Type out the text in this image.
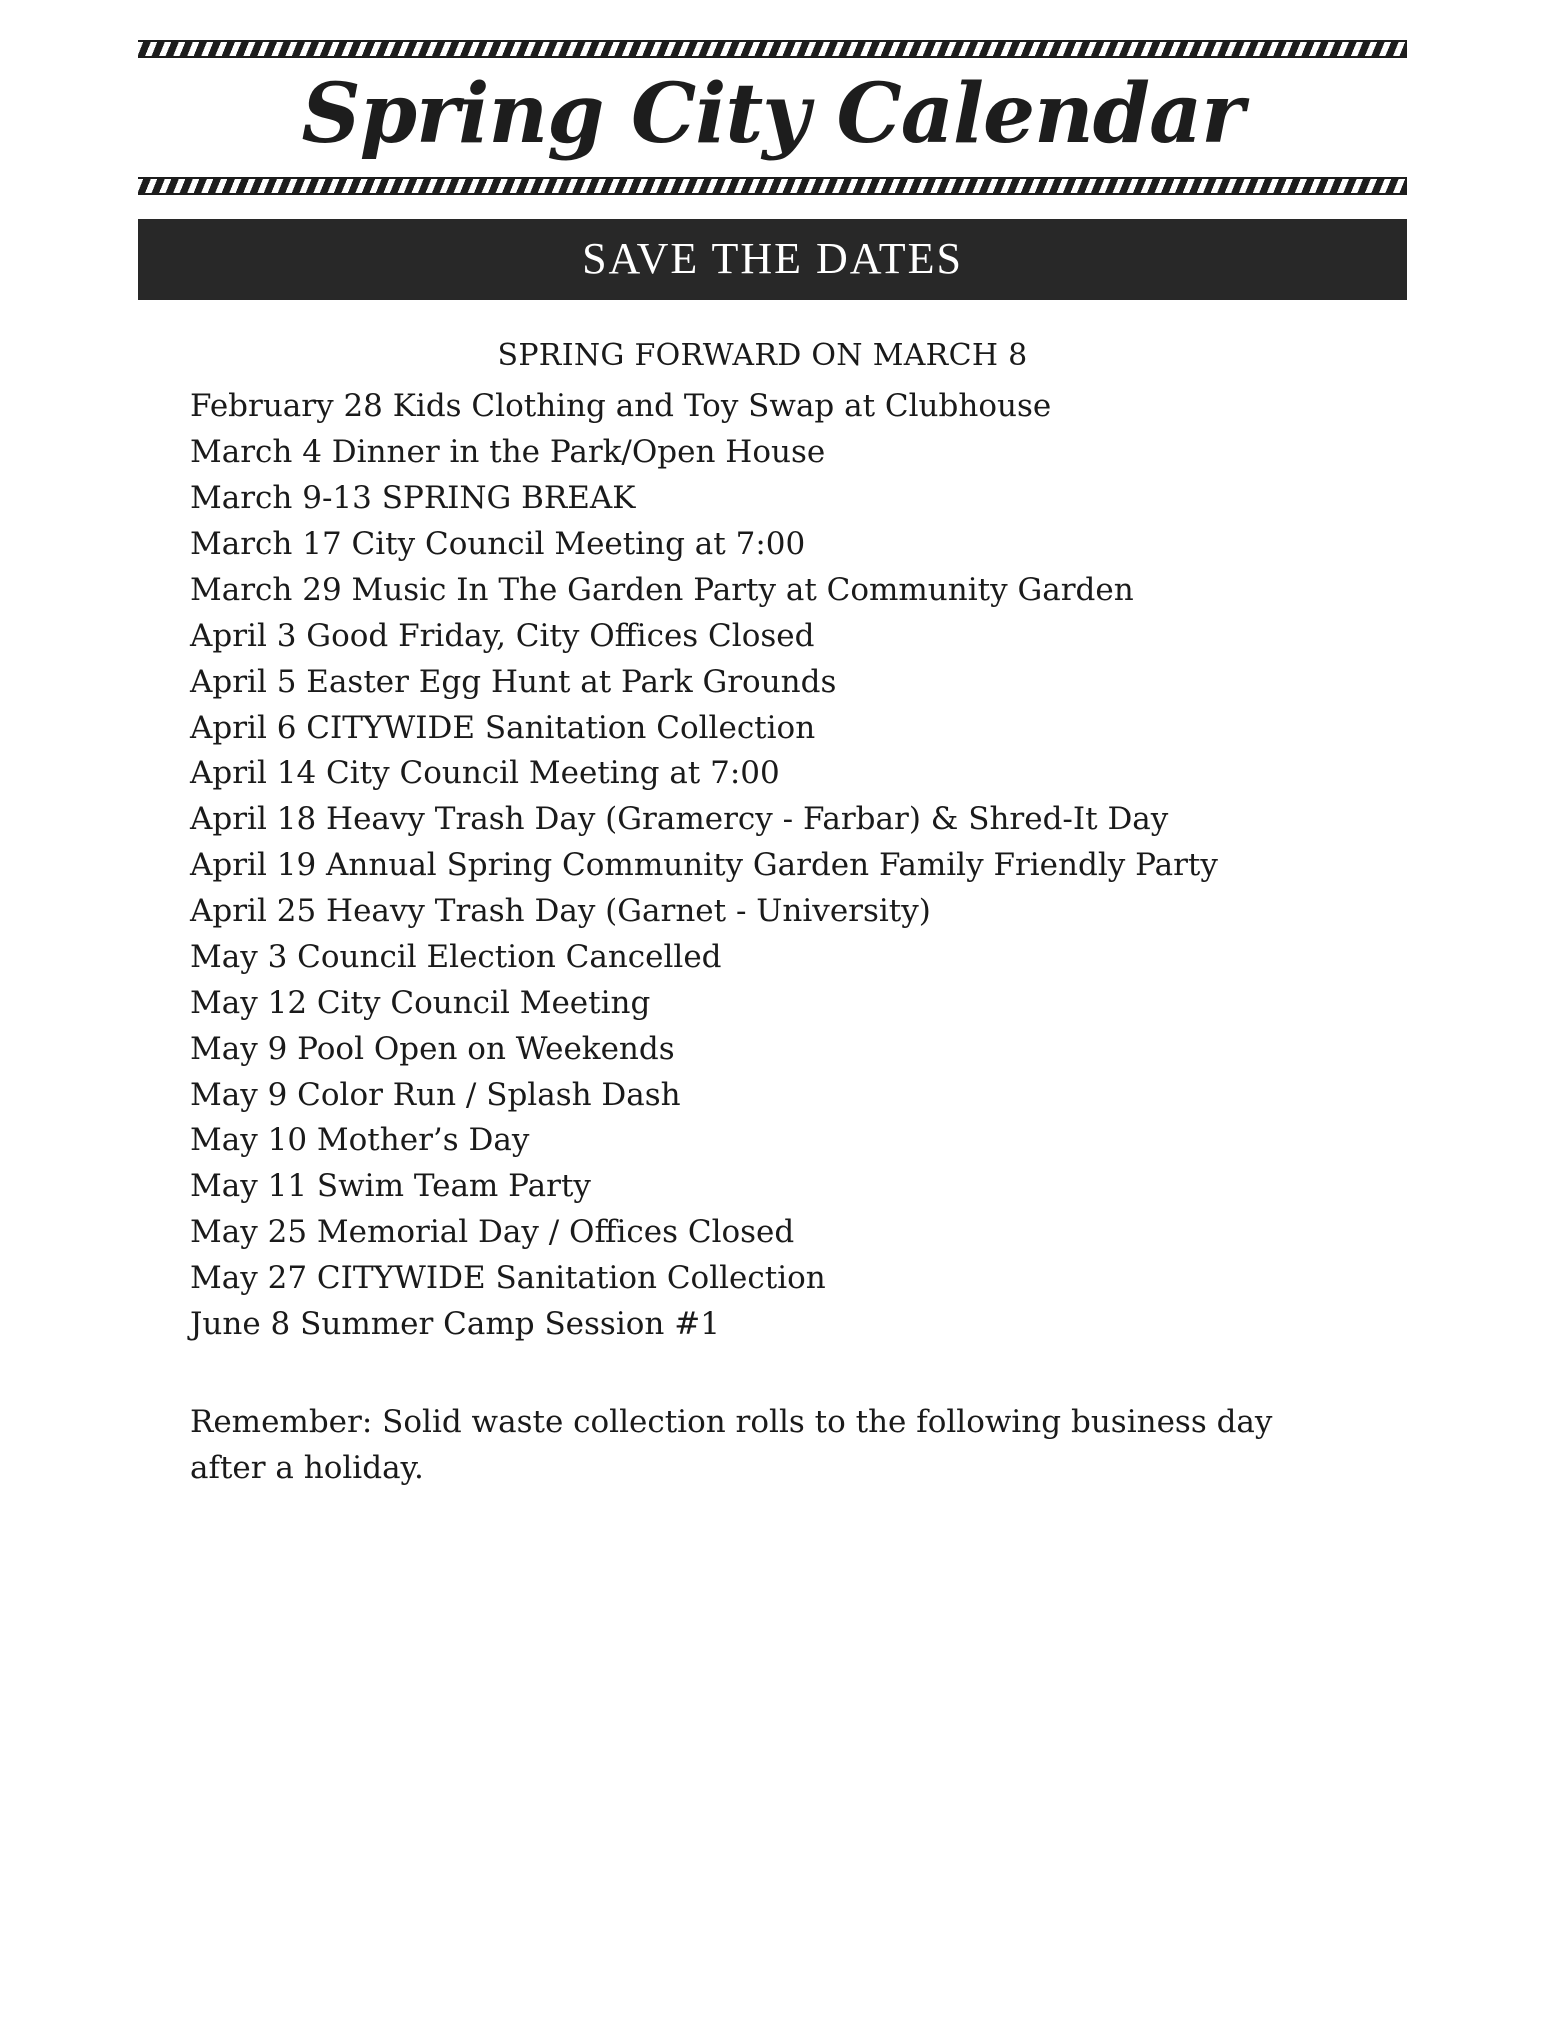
Spring City Calendar
SAVE THE DATES
SPRING FORWARD ON MARCH 8
February 28 Kids Clothing and Toy Swap at Clubhouse
March 4 Dinner in the Park/Open House
March 9-13 SPRING BREAK
March 17 City Council Meeting at 7:00
March 29 Music In The Garden Party at Community Garden
April 3 Good Friday, City Offices Closed
April 5 Easter Egg Hunt at Park Grounds
April 6 CITYWIDE Sanitation Collection
April 14 City Council Meeting at 7:00
April 18 Heavy Trash Day (Gramercy - Farbar) & Shred-It Day
April 19 Annual Spring Community Garden Family Friendly Party
April 25 Heavy Trash Day (Garnet - University)
May 3 Council Election Cancelled
May 12 City Council Meeting
May 9 Pool Open on Weekends
May 9 Color Run / Splash Dash
May 10 Mother’s Day
May 11 Swim Team Party
May 25 Memorial Day / Offices Closed
May 27 CITYWIDE Sanitation Collection
June 8 Summer Camp Session #1
Remember: Solid waste collection rolls to the following business day after a holiday.
